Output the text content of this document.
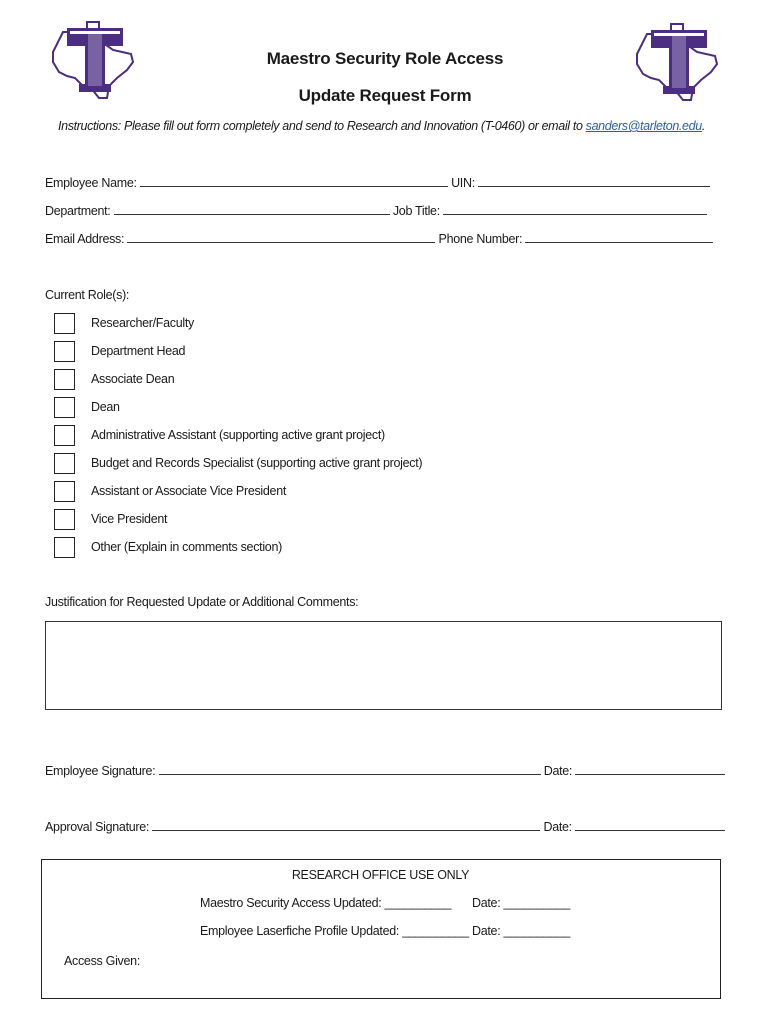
Maestro Security Role Access
Update Request Form
Instructions: Please fill out form completely and send to Research and Innovation (T-0460) or email to sanders@tarleton.edu.
Employee Name:	UIN:
Department:	Job Title:
Email Address:	Phone Number:
Current Role(s):
Researcher/Faculty
Department Head
Associate Dean
Dean
Administrative Assistant (supporting active grant project)
Budget and Records Specialist (supporting active grant project)
Assistant or Associate Vice President
Vice President
Other (Explain in comments section)
Justification for Requested Update or Additional Comments:
Employee Signature:	Date:
Approval Signature:	Date:
RESEARCH OFFICE USE ONLY
Maestro Security Access Updated: __________ Date: __________
Employee Laserfiche Profile Updated: __________ Date: __________
Access Given:
